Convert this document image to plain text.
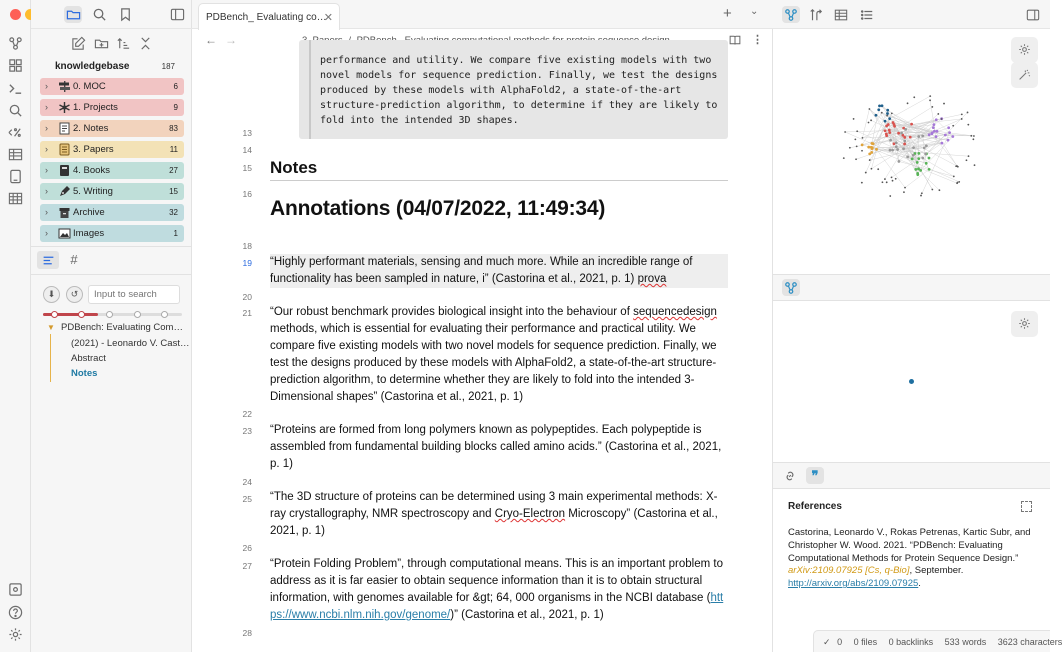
knowledgebase	187
›	0. MOC	6
›	1. Projects	9
›	2. Notes	83
›	3. Papers	11
›	4. Books	27
›	5. Writing	15
›	Archive	32
›	Images	1
#
⬇	↺
Input to search
▼ PDBench: Evaluating Com…
(2021) - Leonardo V. Cast…
Abstract
Notes
PDBench_ Evaluating co…
✕	+ ⌄
← →	⋮
performance and utility. We compare five existing models with two
novel models for sequence prediction. Finally, we test the designs
produced by these models with AlphaFold2, a state-of-the-art
structure-prediction algorithm, to determine if they are likely to
fold into the intended 3D shapes.
13
14
15
16
18
19
20
21
22
23
24
25
26
27
28
Notes
Annotations (04/07/2022, 11:49:34)
“Highly performant materials, sensing and much more. While an incredible range of functionality has been sampled in nature, i” (Castorina et al., 2021, p. 1) prova
“Our robust benchmark provides biological insight into the behaviour of sequencedesign methods, which is essential for evaluating their performance and practical utility. We compare five existing models with two novel models for sequence prediction. Finally, we test the designs produced by these models with AlphaFold2, a state-of-the-art structure-prediction algorithm, to determine whether they are likely to fold into the intended 3-Dimensional shapes” (Castorina et al., 2021, p. 1)
“Proteins are formed from long polymers known as polypeptides. Each polypeptide is assembled from fundamental building blocks called amino acids.” (Castorina et al., 2021, p. 1)
“The 3D structure of proteins can be determined using 3 main experimental methods: X-ray crystallography, NMR spectroscopy and Cryo-Electron Microscopy” (Castorina et al., 2021, p. 1)
“Protein Folding Problem”, through computational means. This is an important problem to address as it is far easier to obtain sequence information than it is to obtain structural information, with genomes available for &gt; 64, 000 organisms in the NCBI database (https://www.ncbi.nlm.nih.gov/genome/)” (Castorina et al., 2021, p. 1)
❞
References
Castorina, Leonardo V., Rokas Petrenas, Kartic Subr, and Christopher W. Wood. 2021. “PDBench: Evaluating Computational Methods for Protein Sequence Design.” arXiv:2109.07925 [Cs, q-Bio], September. http://arxiv.org/abs/2109.07925.
✓ 0 0 files 0 backlinks 533 words 3623 characters
